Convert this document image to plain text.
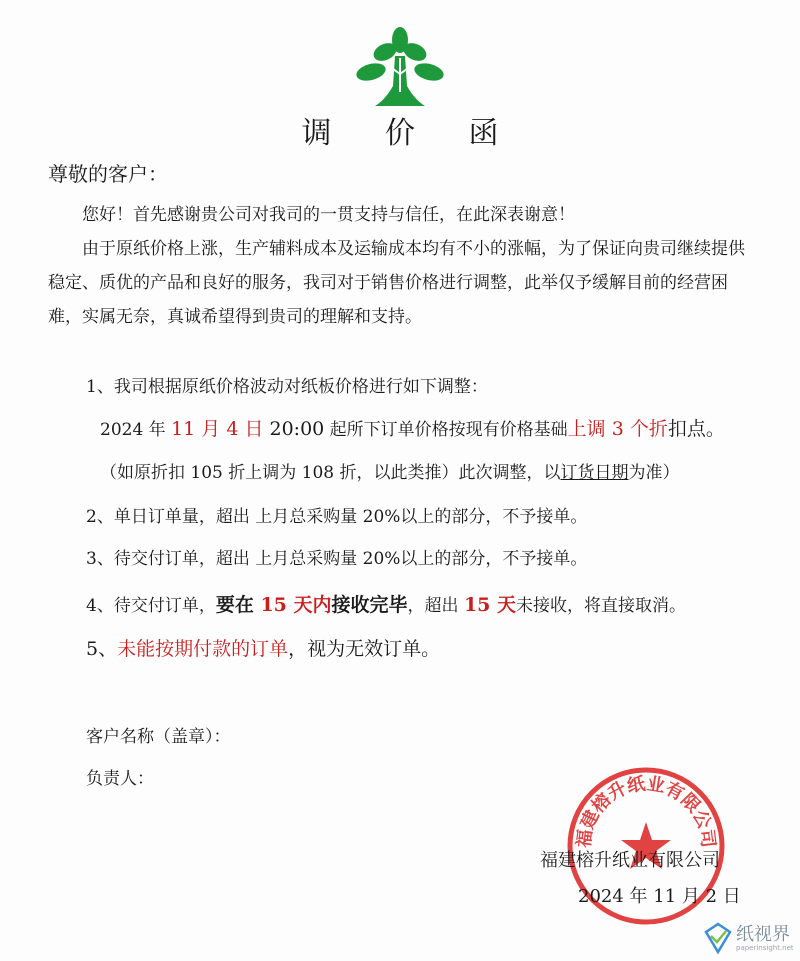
调 价 函
尊敬的客户：
您好！首先感谢贵公司对我司的一贯支持与信任，在此深表谢意！
由于原纸价格上涨，生产辅料成本及运输成本均有不小的涨幅，为了保证向贵司继续提供稳定、质优的产品和良好的服务，我司对于销售价格进行调整，此举仅予缓解目前的经营困难，实属无奈，真诚希望得到贵司的理解和支持。
1、我司根据原纸价格波动对纸板价格进行如下调整：
2024 年 11 月 4 日 20:00 起所下订单价格按现有价格基础上调 3 个折扣点。
（如原折扣 105 折上调为 108 折，以此类推）此次调整，以订货日期为准）
2、单日订单量，超出 上月总采购量 20%以上的部分，不予接单。
3、待交付订单，超出 上月总采购量 20%以上的部分，不予接单。
4、待交付订单，要在 15 天内接收完毕，超出 15 天未接收，将直接取消。
5、未能按期付款的订单，视为无效订单。
客户名称（盖章）：
负责人：
福建榕升纸业有限公司
福建榕升纸业有限公司
2024 年 11 月 2 日
纸视界
paperinsight.net
